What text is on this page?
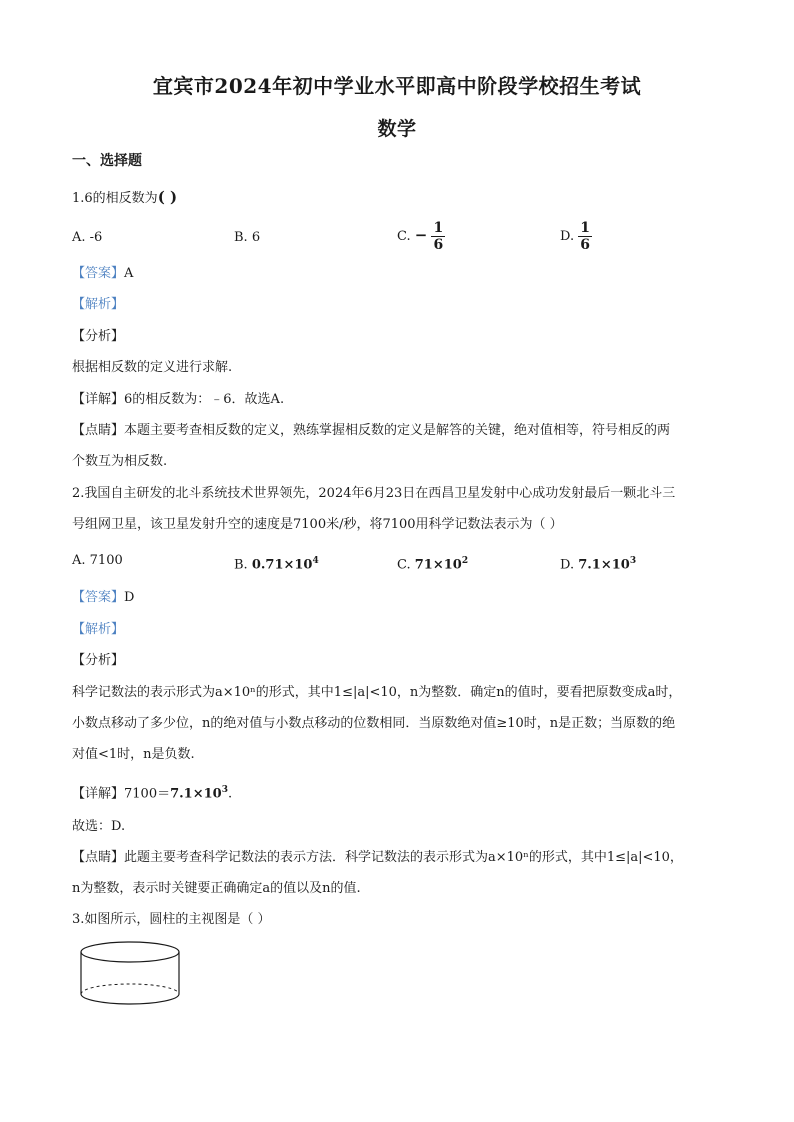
宜宾市2024年初中学业水平即高中阶段学校招生考试
数学
一、选择题
1.6的相反数为( )
A. -6	B. 6	C. − $\frac{1}{6}$	D. $\frac{1}{6}$
【答案】A
【解析】
【分析】
根据相反数的定义进行求解.
【详解】6的相反数为：﹣6．故选A.
【点睛】本题主要考查相反数的定义，熟练掌握相反数的定义是解答的关键，绝对值相等，符号相反的两
个数互为相反数.
2.我国自主研发的北斗系统技术世界领先，2024年6月23日在西昌卫星发射中心成功发射最后一颗北斗三
号组网卫星，该卫星发射升空的速度是7100米/秒，将7100用科学记数法表示为（ ）
A. 7100	B. $0.71\times 10^4$	C. $71\times 10^2$	D. $7.1\times 10^3$
【答案】D
【解析】
【分析】
科学记数法的表示形式为a×10ⁿ的形式，其中1≤|a|<10，n为整数．确定n的值时，要看把原数变成a时，
小数点移动了多少位，n的绝对值与小数点移动的位数相同．当原数绝对值≥10时，n是正数；当原数的绝
对值<1时，n是负数.
【详解】$7100=7.1\times 10^3$.
故选：D.
【点睛】此题主要考查科学记数法的表示方法．科学记数法的表示形式为a×10ⁿ的形式，其中1≤|a|<10，
n为整数，表示时关键要正确确定a的值以及n的值.
3.如图所示，圆柱的主视图是（ ）
